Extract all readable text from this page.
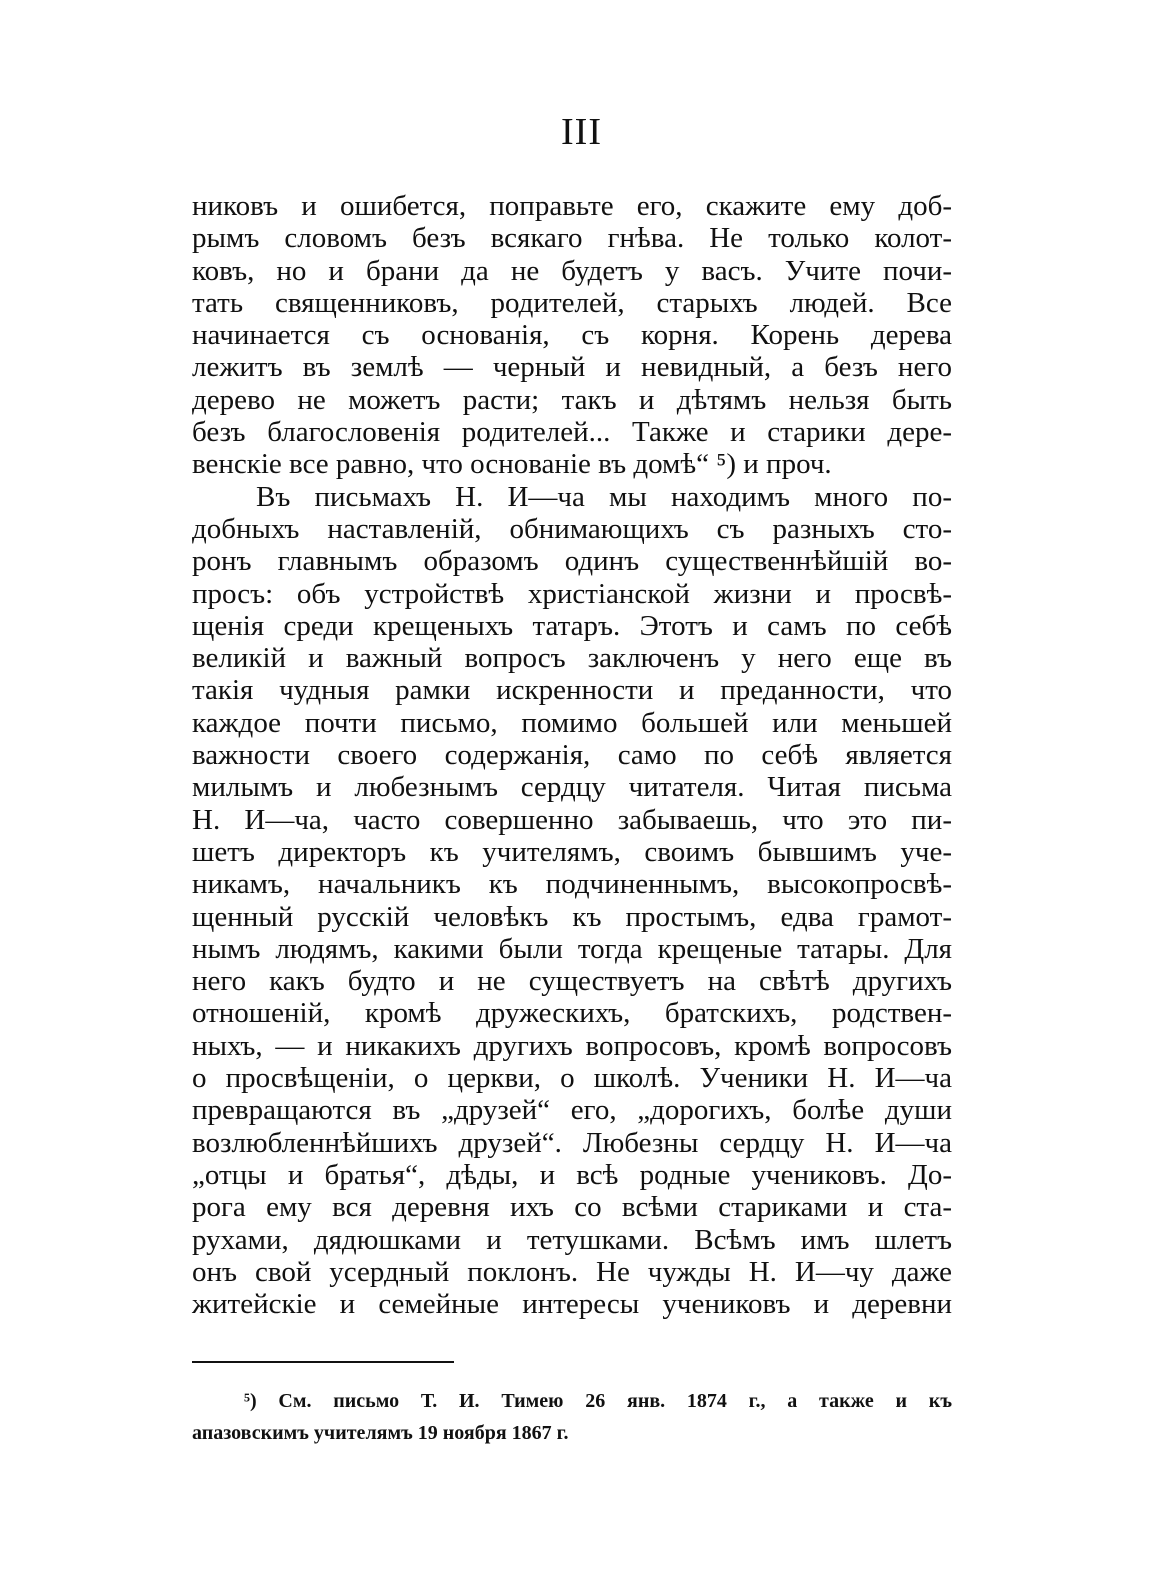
III
никовъ и ошибется, поправьте его, скажите ему доб-
рымъ словомъ безъ всякаго гнѣва. Не только колот-
ковъ, но и брани да не будетъ у васъ. Учите почи-
тать священниковъ, родителей, старыхъ людей. Все
начинается съ основанія, съ корня. Корень дерева
лежитъ въ землѣ — черный и невидный, а безъ него
дерево не можетъ расти; такъ и дѣтямъ нельзя быть
безъ благословенія родителей... Также и старики дере-
венскіе все равно, что основаніе въ домѣ“ ⁵) и проч.
Въ письмахъ Н. И—ча мы находимъ много по-
добныхъ наставленій, обнимающихъ съ разныхъ сто-
ронъ главнымъ образомъ одинъ существеннѣйшій во-
просъ: объ устройствѣ христіанской жизни и просвѣ-
щенія среди крещеныхъ татаръ. Этотъ и самъ по себѣ
великій и важный вопросъ заключенъ у него еще въ
такія чудныя рамки искренности и преданности, что
каждое почти письмо, помимо большей или меньшей
важности своего содержанія, само по себѣ является
милымъ и любезнымъ сердцу читателя. Читая письма
Н. И—ча, часто совершенно забываешь, что это пи-
шетъ директоръ къ учителямъ, своимъ бывшимъ уче-
никамъ, начальникъ къ подчиненнымъ, высокопросвѣ-
щенный русскій человѣкъ къ простымъ, едва грамот-
нымъ людямъ, какими были тогда крещеные татары. Для
него какъ будто и не существуетъ на свѣтѣ другихъ
отношеній, кромѣ дружескихъ, братскихъ, родствен-
ныхъ, — и никакихъ другихъ вопросовъ, кромѣ вопросовъ
о просвѣщеніи, о церкви, о школѣ. Ученики Н. И—ча
превращаются въ „друзей“ его, „дорогихъ, болѣе души
возлюбленнѣйшихъ друзей“. Любезны сердцу Н. И—ча
„отцы и братья“, дѣды, и всѣ родные учениковъ. До-
рога ему вся деревня ихъ со всѣми стариками и ста-
рухами, дядюшками и тетушками. Всѣмъ имъ шлетъ
онъ свой усердный поклонъ. Не чужды Н. И—чу даже
житейскіе и семейные интересы учениковъ и деревни
⁵) См. письмо Т. И. Тимею 26 янв. 1874 г., а также и къ
апазовскимъ учителямъ 19 ноября 1867 г.
